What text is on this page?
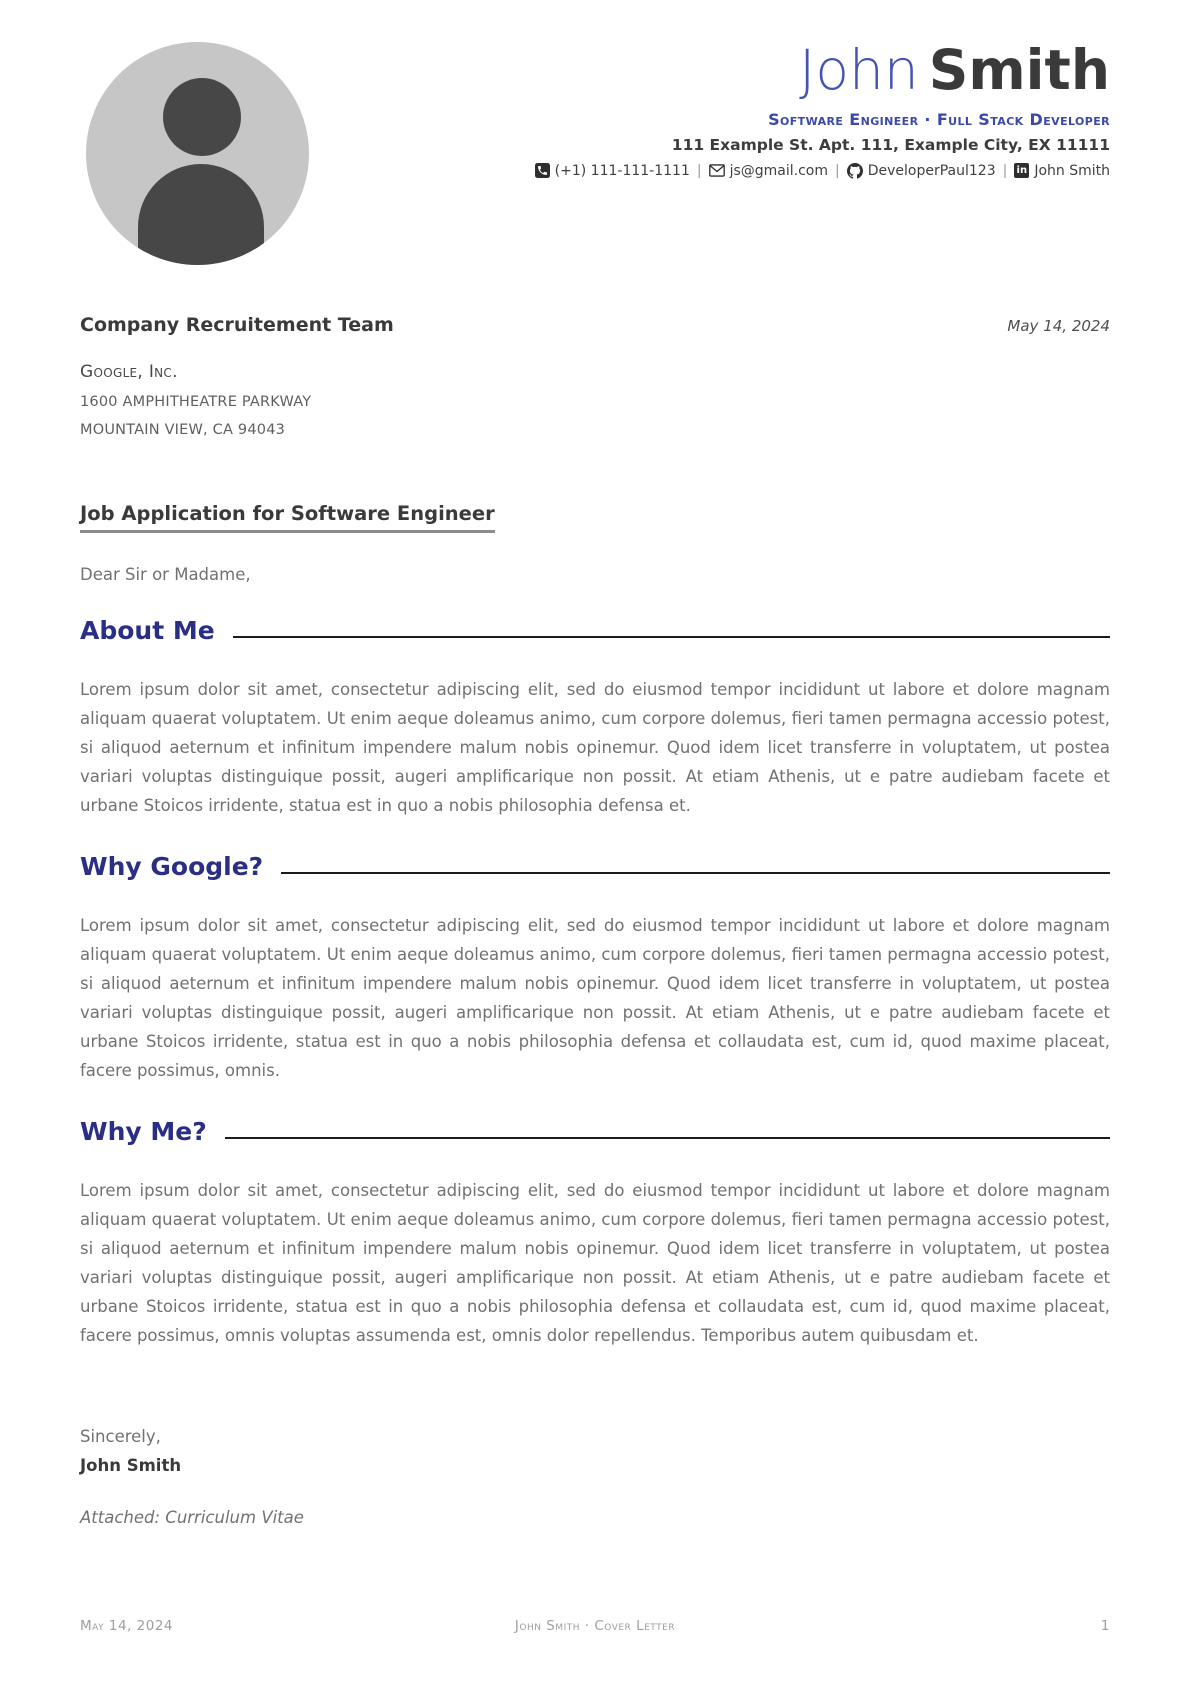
John Smith
Software Engineer · Full Stack Developer
111 Example St. Apt. 111, Example City, EX 11111
(+1) 111-111-1111 | js@gmail.com | DeveloperPaul123 | in John Smith
Company Recruitement Team	May 14, 2024
Google, Inc.
1600 AMPHITHEATRE PARKWAY
MOUNTAIN VIEW, CA 94043
Job Application for Software Engineer
Dear Sir or Madame,
About Me

Lorem ipsum dolor sit amet, consectetur adipiscing elit, sed do eiusmod tempor incididunt ut labore et dolore magnam aliquam quaerat voluptatem. Ut enim aeque doleamus animo, cum corpore dolemus, fieri tamen permagna accessio potest, si aliquod aeternum et infinitum impendere malum nobis opinemur. Quod idem licet transferre in voluptatem, ut postea variari voluptas distinguique possit, augeri amplificarique non possit. At etiam Athenis, ut e patre audiebam facete et urbane Stoicos irridente, statua est in quo a nobis philosophia defensa et.

Why Google?

Lorem ipsum dolor sit amet, consectetur adipiscing elit, sed do eiusmod tempor incididunt ut labore et dolore magnam aliquam quaerat voluptatem. Ut enim aeque doleamus animo, cum corpore dolemus, fieri tamen permagna accessio potest, si aliquod aeternum et infinitum impendere malum nobis opinemur. Quod idem licet transferre in voluptatem, ut postea variari voluptas distinguique possit, augeri amplificarique non possit. At etiam Athenis, ut e patre audiebam facete et urbane Stoicos irridente, statua est in quo a nobis philosophia defensa et collaudata est, cum id, quod maxime placeat, facere possimus, omnis.

Why Me?

Lorem ipsum dolor sit amet, consectetur adipiscing elit, sed do eiusmod tempor incididunt ut labore et dolore magnam aliquam quaerat voluptatem. Ut enim aeque doleamus animo, cum corpore dolemus, fieri tamen permagna accessio potest, si aliquod aeternum et infinitum impendere malum nobis opinemur. Quod idem licet transferre in voluptatem, ut postea variari voluptas distinguique possit, augeri amplificarique non possit. At etiam Athenis, ut e patre audiebam facete et urbane Stoicos irridente, statua est in quo a nobis philosophia defensa et collaudata est, cum id, quod maxime placeat, facere possimus, omnis voluptas assumenda est, omnis dolor repellendus. Temporibus autem quibusdam et.

Sincerely,
John Smith
Attached: Curriculum Vitae
May 14, 2024	John Smith · Cover Letter	1
